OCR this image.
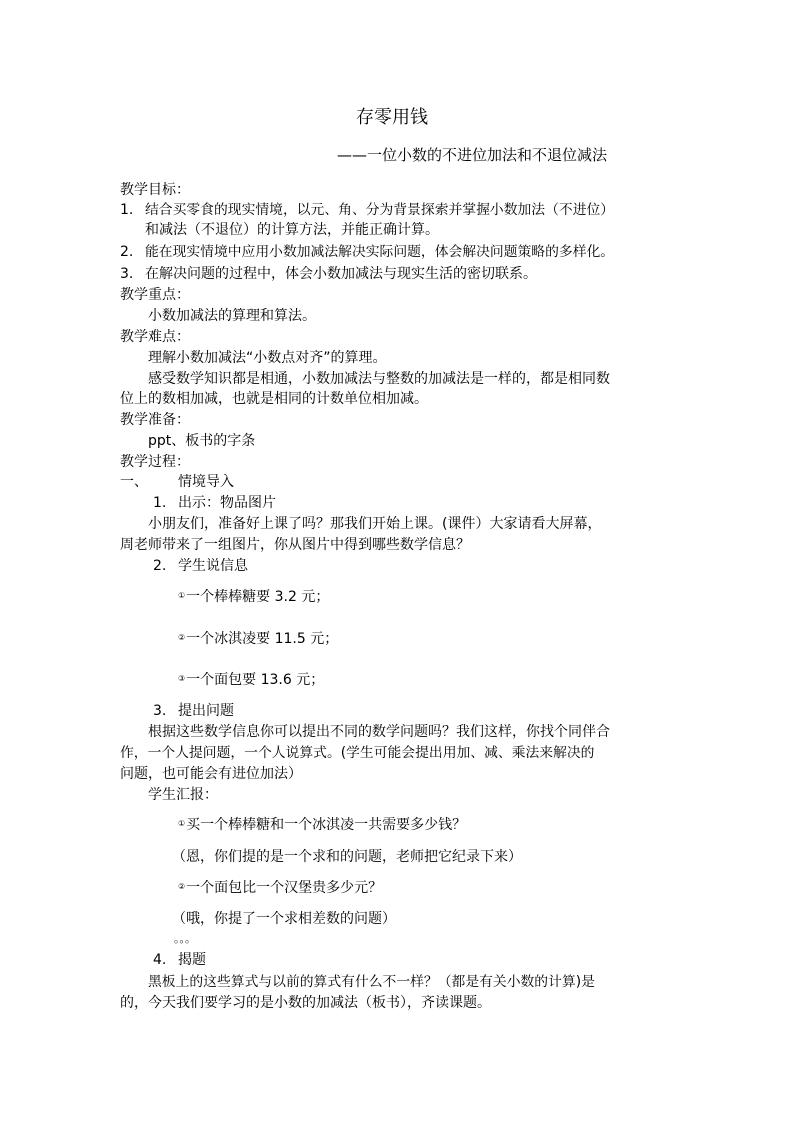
存零用钱
——一位小数的不进位加法和不退位减法
教学目标：
1. 结合买零食的现实情境，以元、角、分为背景探索并掌握小数加法（不进位）
和减法（不退位）的计算方法，并能正确计算。
2. 能在现实情境中应用小数加减法解决实际问题，体会解决问题策略的多样化。
3. 在解决问题的过程中，体会小数加减法与现实生活的密切联系。
教学重点：
小数加减法的算理和算法。
教学难点：
理解小数加减法“小数点对齐”的算理。
感受数学知识都是相通，小数加减法与整数的加减法是一样的，都是相同数
位上的数相加减，也就是相同的计数单位相加减。
教学准备：
ppt、板书的字条
教学过程：
一、 情境导入
1. 出示：物品图片
小朋友们，准备好上课了吗？那我们开始上课。(课件）大家请看大屏幕，
周老师带来了一组图片，你从图片中得到哪些数学信息？
2. 学生说信息
①一个棒棒糖要 3.2 元；
②一个冰淇凌要 11.5 元；
③一个面包要 13.6 元；
3. 提出问题
根据这些数学信息你可以提出不同的数学问题吗？我们这样，你找个同伴合
作，一个人提问题，一个人说算式。(学生可能会提出用加、减、乘法来解决的
问题，也可能会有进位加法）
学生汇报：
①买一个棒棒糖和一个冰淇凌一共需要多少钱？
（恩，你们提的是一个求和的问题，老师把它纪录下来）
②一个面包比一个汉堡贵多少元？
（哦，你提了一个求相差数的问题）
。。。
4. 揭题
黑板上的这些算式与以前的算式有什么不一样？（都是有关小数的计算)是
的，今天我们要学习的是小数的加减法（板书），齐读课题。
